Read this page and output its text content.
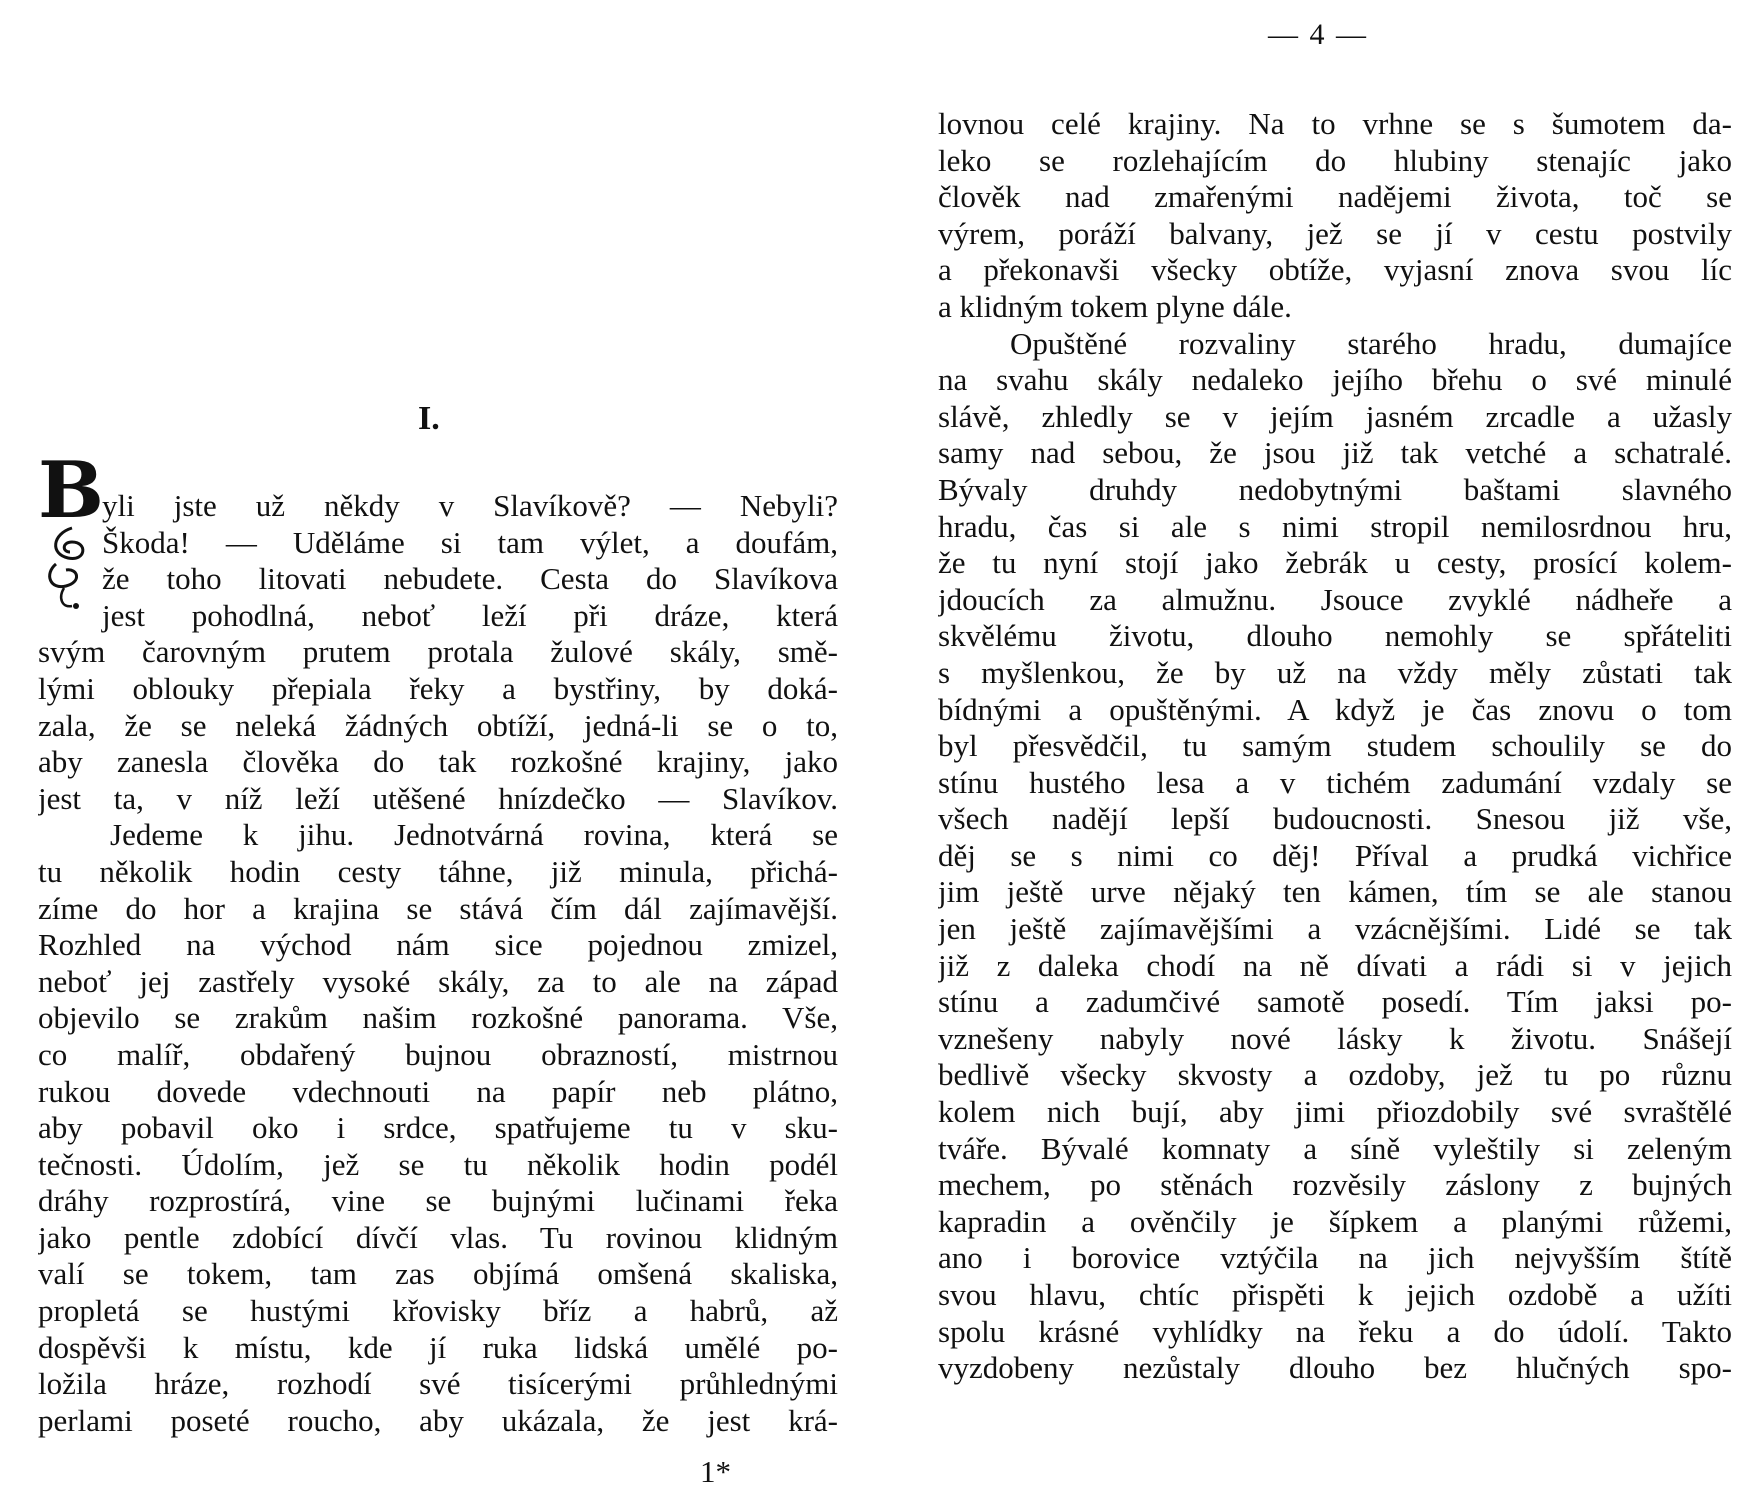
I.
B
yli jste už někdy v Slavíkově? — Nebyli?
Škoda! — Uděláme si tam výlet, a doufám,
že toho litovati nebudete. Cesta do Slavíkova
jest pohodlná, neboť leží při dráze, která
svým čarovným prutem protala žulové skály, smě-
lými oblouky přepiala řeky a bystřiny, by doká-
zala, že se neleká žádných obtíží, jedná-li se o to,
aby zanesla člověka do tak rozkošné krajiny, jako
jest ta, v níž leží utěšené hnízdečko — Slavíkov.
Jedeme k jihu. Jednotvárná rovina, která se
tu několik hodin cesty táhne, již minula, přichá-
zíme do hor a krajina se stává čím dál zajímavější.
Rozhled na východ nám sice pojednou zmizel,
neboť jej zastřely vysoké skály, za to ale na západ
objevilo se zrakům našim rozkošné panorama. Vše,
co malíř, obdařený bujnou obrazností, mistrnou
rukou dovede vdechnouti na papír neb plátno,
aby pobavil oko i srdce, spatřujeme tu v sku-
tečnosti. Údolím, jež se tu několik hodin podél
dráhy rozprostírá, vine se bujnými lučinami řeka
jako pentle zdobící dívčí vlas. Tu rovinou klidným
valí se tokem, tam zas objímá omšená skaliska,
propletá se hustými křovisky bříz a habrů, až
dospěvši k místu, kde jí ruka lidská umělé po-
ložila hráze, rozhodí své tisícerými průhlednými
perlami poseté roucho, aby ukázala, že jest krá-
1*
— 4 —
lovnou celé krajiny. Na to vrhne se s šumotem da-
leko se rozlehajícím do hlubiny stenajíc jako
člověk nad zmařenými nadějemi života, toč se
výrem, poráží balvany, jež se jí v cestu postvily
a překonavši všecky obtíže, vyjasní znova svou líc
a klidným tokem plyne dále.
Opuštěné rozvaliny starého hradu, dumajíce
na svahu skály nedaleko jejího břehu o své minulé
slávě, zhledly se v jejím jasném zrcadle a užasly
samy nad sebou, že jsou již tak vetché a schatralé.
Bývaly druhdy nedobytnými baštami slavného
hradu, čas si ale s nimi stropil nemilosrdnou hru,
že tu nyní stojí jako žebrák u cesty, prosící kolem-
jdoucích za almužnu. Jsouce zvyklé nádheře a
skvělému životu, dlouho nemohly se spřáteliti
s myšlenkou, že by už na vždy měly zůstati tak
bídnými a opuštěnými. A když je čas znovu o tom
byl přesvědčil, tu samým studem schoulily se do
stínu hustého lesa a v tichém zadumání vzdaly se
všech nadějí lepší budoucnosti. Snesou již vše,
děj se s nimi co děj! Příval a prudká vichřice
jim ještě urve nějaký ten kámen, tím se ale stanou
jen ještě zajímavějšími a vzácnějšími. Lidé se tak
již z daleka chodí na ně dívati a rádi si v jejich
stínu a zadumčivé samotě posedí. Tím jaksi po-
vznešeny nabyly nové lásky k životu. Snášejí
bedlivě všecky skvosty a ozdoby, jež tu po různu
kolem nich bují, aby jimi přiozdobily své svraštělé
tváře. Bývalé komnaty a síně vyleštily si zeleným
mechem, po stěnách rozvěsily záslony z bujných
kapradin a ověnčily je šípkem a planými růžemi,
ano i borovice vztýčila na jich nejvyšším štítě
svou hlavu, chtíc přispěti k jejich ozdobě a užíti
spolu krásné vyhlídky na řeku a do údolí. Takto
vyzdobeny nezůstaly dlouho bez hlučných spo-
